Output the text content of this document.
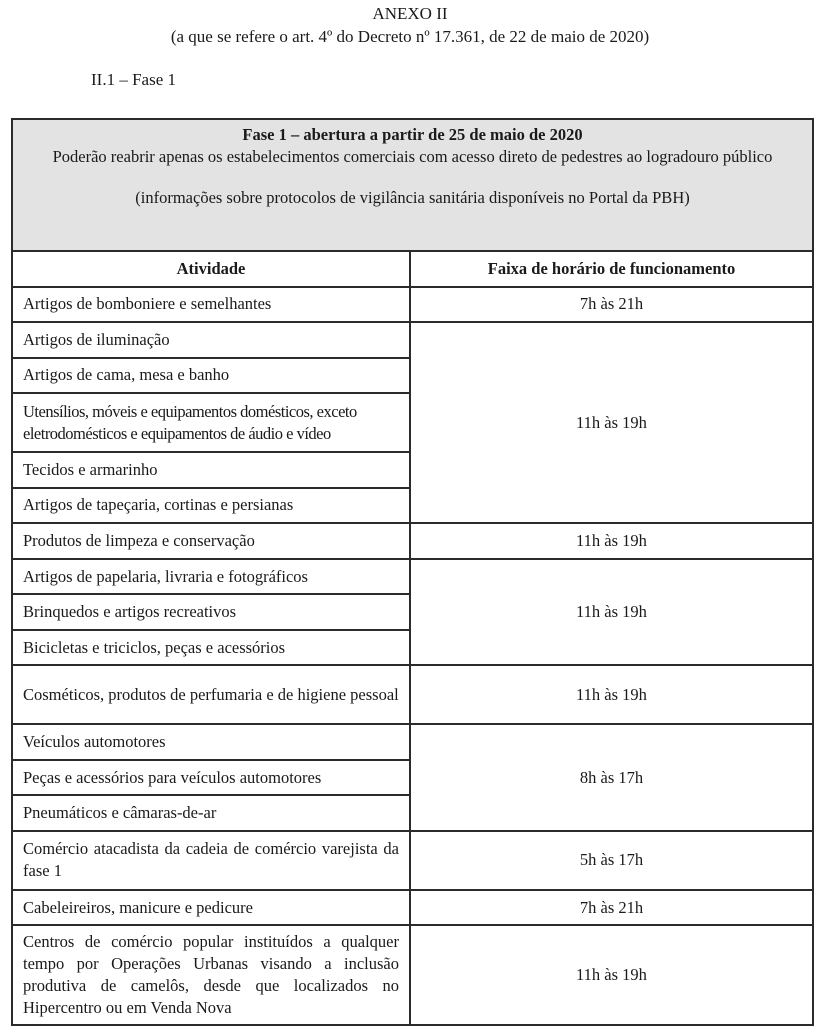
ANEXO II
(a que se refere o art. 4º do Decreto nº 17.361, de 22 de maio de 2020)
II.1 – Fase 1
Fase 1 – abertura a partir de 25 de maio de 2020
Poderão reabrir apenas os estabelecimentos comerciais com acesso direto de pedestres ao logradouro público
(informações sobre protocolos de vigilância sanitária disponíveis no Portal da PBH)	

Atividade	Faixa de horário de funcionamento
Artigos de bomboniere e semelhantes	7h às 21h
Artigos de iluminação	11h às 19h
Artigos de cama, mesa e banho	
Utensílios, móveis e equipamentos domésticos, exceto eletrodomésticos e equipamentos de áudio e vídeo	
Tecidos e armarinho	
Artigos de tapeçaria, cortinas e persianas	
Produtos de limpeza e conservação	11h às 19h
Artigos de papelaria, livraria e fotográficos	11h às 19h
Brinquedos e artigos recreativos	
Bicicletas e triciclos, peças e acessórios	
Cosméticos, produtos de perfumaria e de higiene pessoal	11h às 19h
Veículos automotores	8h às 17h
Peças e acessórios para veículos automotores	
Pneumáticos e câmaras-de-ar	
Comércio atacadista da cadeia de comércio varejista da fase 1	5h às 17h
Cabeleireiros, manicure e pedicure	7h às 21h
Centros de comércio popular instituídos a qualquer tempo por Operações Urbanas visando a inclusão produtiva de camelôs, desde que localizados no Hipercentro ou em Venda Nova	11h às 19h
